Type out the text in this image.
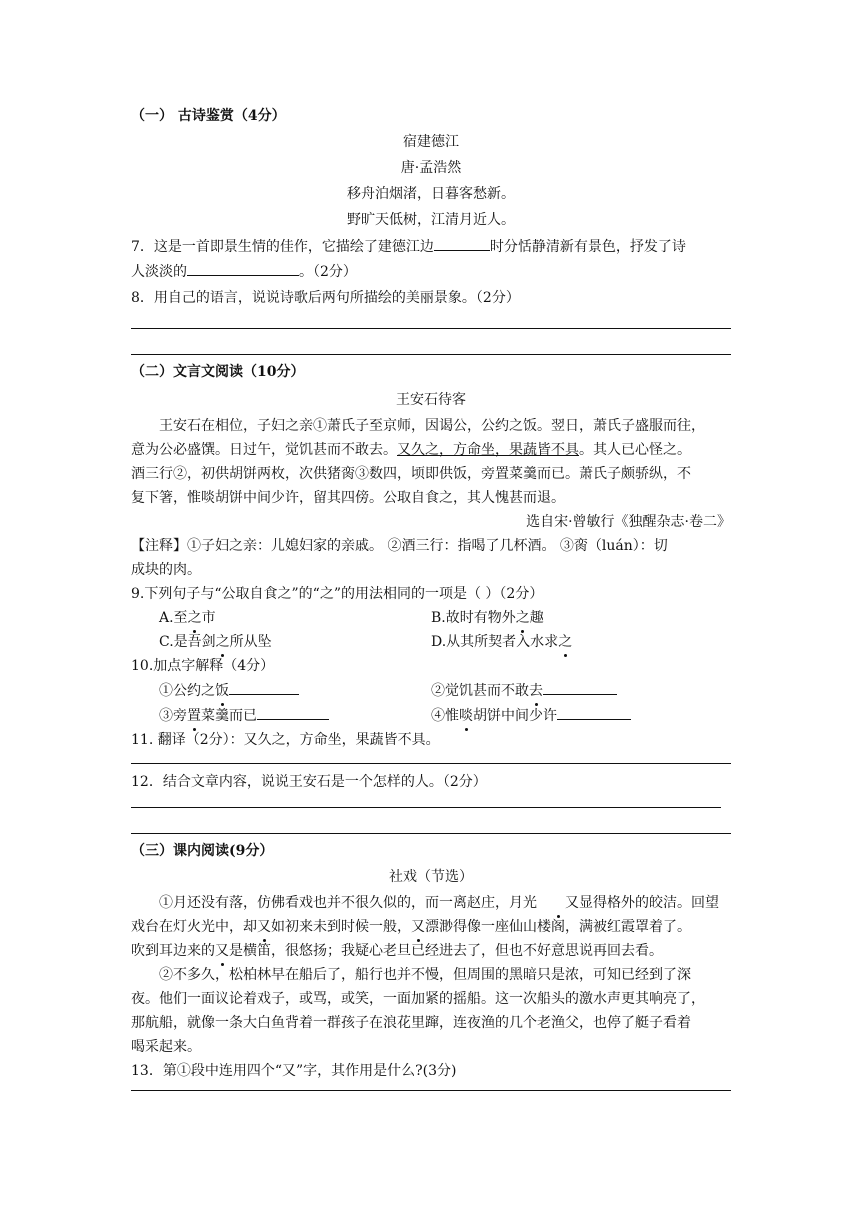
（一） 古诗鉴赏（4分）
宿建德江
唐·孟浩然
移舟泊烟渚，日暮客愁新。
野旷天低树，江清月近人。
7．这是一首即景生情的佳作，它描绘了建德江边	时分恬静清新有景色，抒发了诗
人淡淡的	。（2分）
8．用自己的语言，说说诗歌后两句所描绘的美丽景象。（2分）
（二）文言文阅读（10分）
王安石待客
王安石在相位，子妇之亲①萧氏子至京师，因谒公，公约之饭。翌日，萧氏子盛服而往，
意为公必盛馔。日过午，觉饥甚而不敢去。又久之，方命坐，果蔬皆不具。其人已心怪之。
酒三行②，初供胡饼两枚，次供猪脔③数四，顷即供饭，旁置菜羹而已。萧氏子颇骄纵，不
复下箸，惟啖胡饼中间少许，留其四傍。公取自食之，其人愧甚而退。
选自宋·曾敏行《独醒杂志·卷二》
【注释】①子妇之亲：儿媳妇家的亲戚。 ②酒三行：指喝了几杯酒。 ③脔（luán）：切
成块的肉。
9.下列句子与“公取自食之”的“之”的用法相同的一项是（ ）（2分）
A.至之市	B.故时有物外之趣
C.是吾剑之所从坠	D.从其所契者入水求之
10.加点字解释（4分）
①公约之饭	②觉饥甚而不敢去
③旁置菜羹而已	④惟啖胡饼中间少许
11. 翻译（2分）：又久之，方命坐，果蔬皆不具。
12．结合文章内容，说说王安石是一个怎样的人。（2分）
（三）课内阅读(9分）
社戏（节选）
①月还没有落，仿佛看戏也并不很久似的，而一离赵庄，月光 又显得格外的皎洁。回望
戏台在灯火光中，却又如初来未到时候一般，又漂渺得像一座仙山楼阁，满被红霞罩着了。
吹到耳边来的又是横笛，很悠扬；我疑心老旦已经进去了，但也不好意思说再回去看。
②不多久，松柏林早在船后了，船行也并不慢，但周围的黑暗只是浓，可知已经到了深
夜。他们一面议论着戏子，或骂，或笑，一面加紧的摇船。这一次船头的激水声更其响亮了，
那航船，就像一条大白鱼背着一群孩子在浪花里蹿，连夜渔的几个老渔父，也停了艇子看着
喝采起来。
13．第①段中连用四个“又”字，其作用是什么?(3分)
